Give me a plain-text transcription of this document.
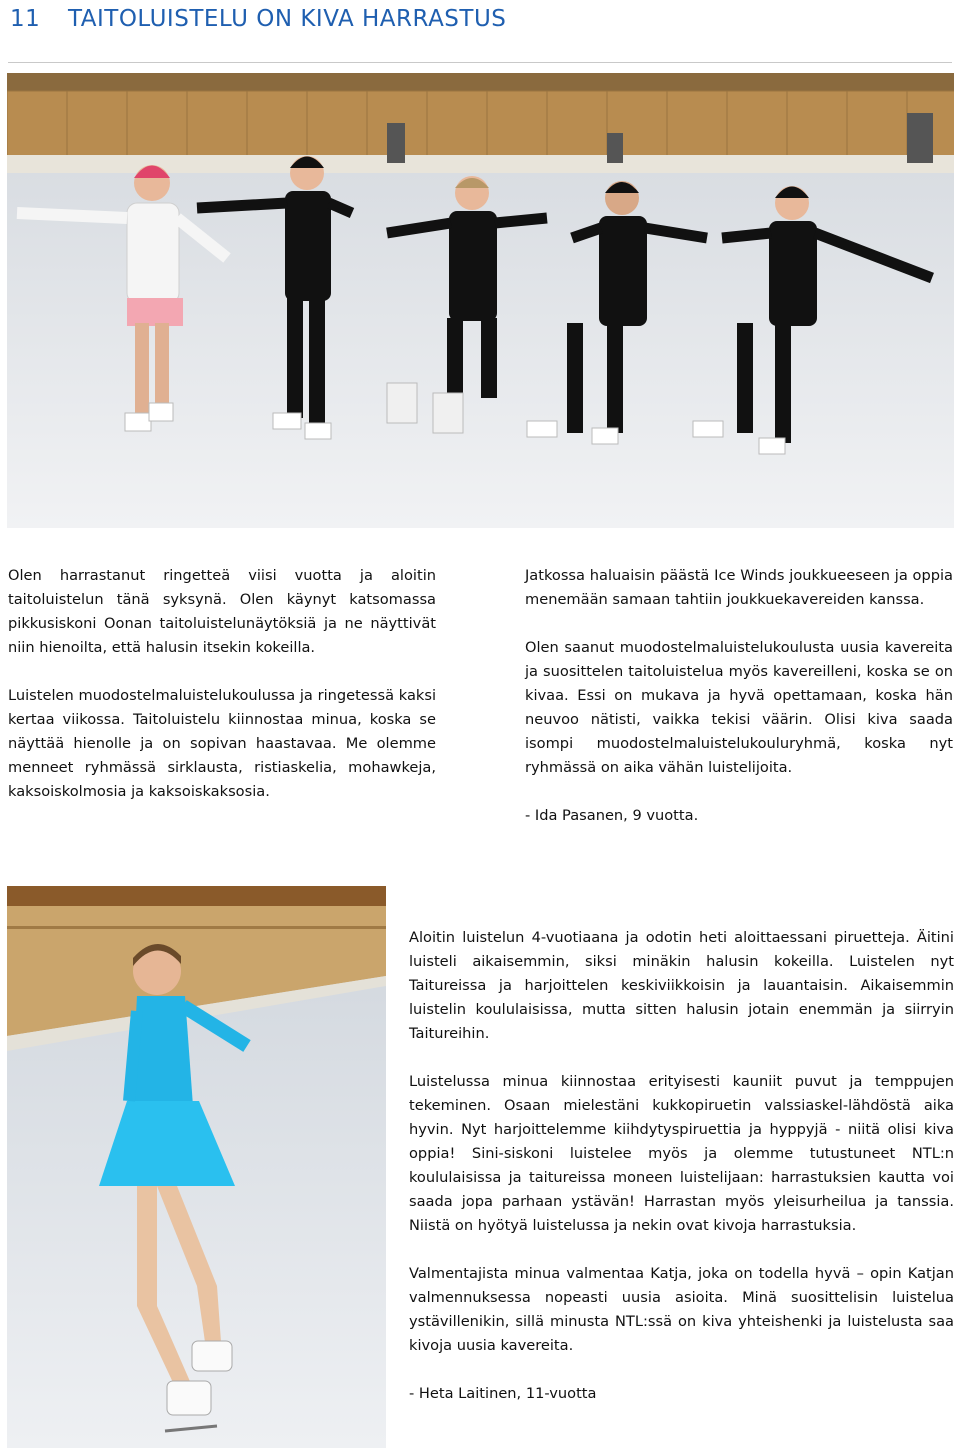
11 TAITOLUISTELU ON KIVA HARRASTUS

Olen harrastanut ringetteä viisi vuotta ja aloitin taitoluistelun tänä syksynä. Olen käynyt katsomassa pikkusiskoni Oonan taitoluistelunäytöksiä ja ne näyttivät niin hienoilta, että halusin itsekin kokeilla.

Luistelen muodostelmaluistelukoulussa ja ringetessä kaksi kertaa viikossa. Taitoluistelu kiinnostaa minua, koska se näyttää hienolle ja on sopivan haastavaa. Me olemme menneet ryhmässä sirklausta, ristiaskelia, mohawkeja, kaksoiskolmosia ja kaksoiskaksosia.

Jatkossa haluaisin päästä Ice Winds joukkueeseen ja oppia menemään samaan tahtiin joukkuekavereiden kanssa.

Olen saanut muodostelmaluistelukoulusta uusia kavereita ja suosittelen taitoluistelua myös kavereilleni, koska se on kivaa. Essi on mukava ja hyvä opettamaan, koska hän neuvoo nätisti, vaikka tekisi väärin. Olisi kiva saada isompi muodostelmaluistelukouluryhmä, koska nyt ryhmässä on aika vähän luistelijoita.

- Ida Pasanen, 9 vuotta.

Aloitin luistelun 4-vuotiaana ja odotin heti aloittaessani piruetteja. Äitini luisteli aikaisemmin, siksi minäkin halusin kokeilla. Luistelen nyt Taitureissa ja harjoittelen keskiviikkoisin ja lauantaisin. Aikaisemmin luistelin koululaisissa, mutta sitten halusin jotain enemmän ja siirryin Taitureihin.

Luistelussa minua kiinnostaa erityisesti kauniit puvut ja temppujen tekeminen. Osaan mielestäni kukkopiruetin valssiaskel-lähdöstä aika hyvin. Nyt harjoittelemme kiihdytyspiruettia ja hyppyjä - niitä olisi kiva oppia! Sini-siskoni luistelee myös ja olemme tutustuneet NTL:n koululaisissa ja taitureissa moneen luistelijaan: harrastuksien kautta voi saada jopa parhaan ystävän! Harrastan myös yleisurheilua ja tanssia. Niistä on hyötyä luistelussa ja nekin ovat kivoja harrastuksia.

Valmentajista minua valmentaa Katja, joka on todella hyvä – opin Katjan valmennuksessa nopeasti uusia asioita. Minä suosittelisin luistelua ystävillenikin, sillä minusta NTL:ssä on kiva yhteishenki ja luistelusta saa kivoja uusia kavereita.

- Heta Laitinen, 11-vuotta
